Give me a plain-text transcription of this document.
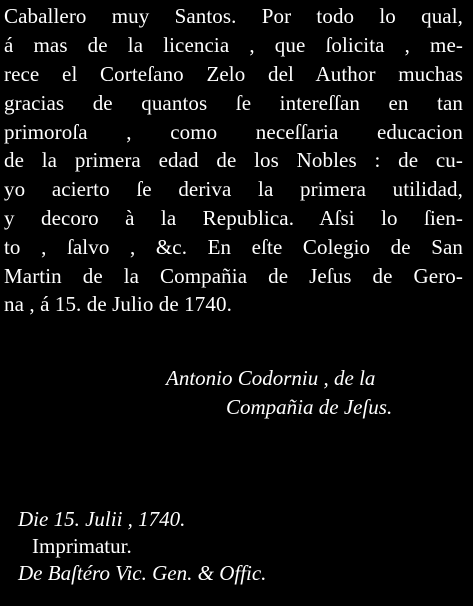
Caballero muy Santos. Por todo lo qual,
á mas de la licencia , que ſolicita , me-
rece el Corteſano Zelo del Author muchas
gracias de quantos ſe intereſſan en tan
primoroſa , como neceſſaria educacion
de la primera edad de los Nobles : de cu-
yo acierto ſe deriva la primera utilidad,
y decoro à la Republica. Aſsi lo ſien-
to , ſalvo , &c. En eſte Colegio de San
Martin de la Compañia de Jeſus de Gero-
na , á 15. de Julio de 1740.
Antonio Codorniu , de la
Compañia de Jeſus.
Die 15. Julii , 1740.
Imprimatur.
De Baſtéro Vic. Gen. & Offic.
